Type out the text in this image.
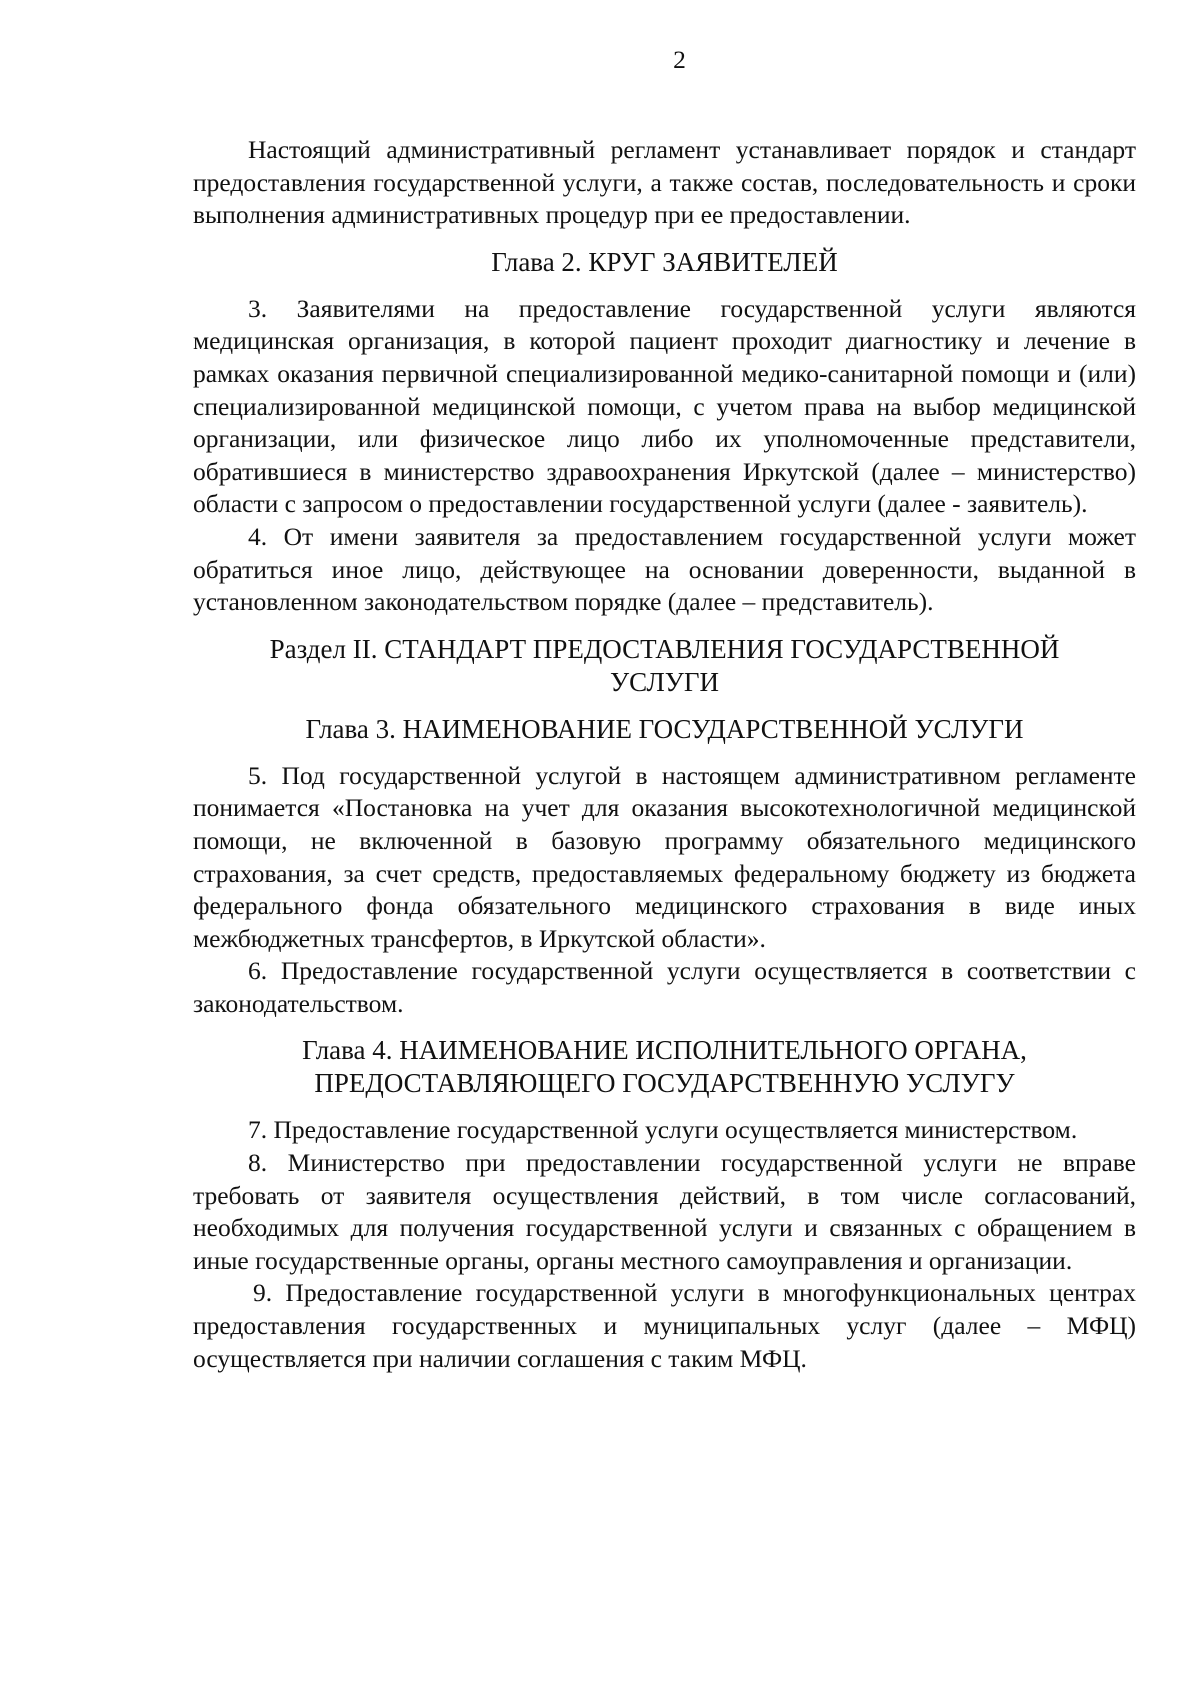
2

Настоящий административный регламент устанавливает порядок и стандарт предоставления государственной услуги, а также состав, последовательность и сроки выполнения административных процедур при ее предоставлении.

Глава 2. КРУГ ЗАЯВИТЕЛЕЙ

3. Заявителями на предоставление государственной услуги являются медицинская организация, в которой пациент проходит диагностику и лечение в рамках оказания первичной специализированной медико-санитарной помощи и (или) специализированной медицинской помощи, с учетом права на выбор медицинской организации, или физическое лицо либо их уполномоченные представители, обратившиеся в министерство здравоохранения Иркутской (далее – министерство) области с запросом о предоставлении государственной услуги (далее - заявитель).

4. От имени заявителя за предоставлением государственной услуги может обратиться иное лицо, действующее на основании доверенности, выданной в установленном законодательством порядке (далее – представитель).

Раздел II. СТАНДАРТ ПРЕДОСТАВЛЕНИЯ ГОСУДАРСТВЕННОЙ
УСЛУГИ
Глава 3. НАИМЕНОВАНИЕ ГОСУДАРСТВЕННОЙ УСЛУГИ

5. Под государственной услугой в настоящем административном регламенте понимается «Постановка на учет для оказания высокотехнологичной медицинской помощи, не включенной в базовую программу обязательного медицинского страхования, за счет средств, предоставляемых федеральному бюджету из бюджета федерального фонда обязательного медицинского страхования в виде иных межбюджетных трансфертов, в Иркутской области».

6. Предоставление государственной услуги осуществляется в соответствии с законодательством.

Глава 4. НАИМЕНОВАНИЕ ИСПОЛНИТЕЛЬНОГО ОРГАНА,
ПРЕДОСТАВЛЯЮЩЕГО ГОСУДАРСТВЕННУЮ УСЛУГУ

7. Предоставление государственной услуги осуществляется министерством.

8. Министерство при предоставлении государственной услуги не вправе требовать от заявителя осуществления действий, в том числе согласований, необходимых для получения государственной услуги и связанных с обращением в иные государственные органы, органы местного самоуправления и организации.

9. Предоставление государственной услуги в многофункциональных центрах предоставления государственных и муниципальных услуг (далее – МФЦ) осуществляется при наличии соглашения с таким МФЦ.
